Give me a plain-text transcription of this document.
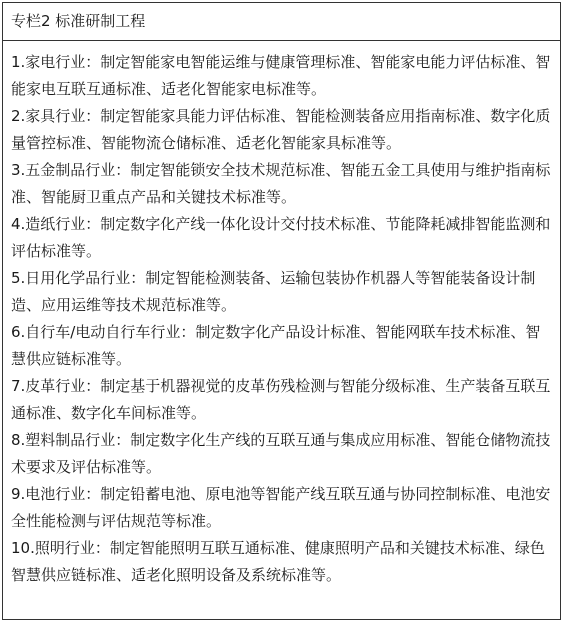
专栏2 标准研制工程

1.家电行业：制定智能家电智能运维与健康管理标准、智能家电能力评估标准、智能家电互联互通标准、适老化智能家电标准等。

2.家具行业：制定智能家具能力评估标准、智能检测装备应用指南标准、数字化质量管控标准、智能物流仓储标准、适老化智能家具标准等。

3.五金制品行业：制定智能锁安全技术规范标准、智能五金工具使用与维护指南标准、智能厨卫重点产品和关键技术标准等。

4.造纸行业：制定数字化产线一体化设计交付技术标准、节能降耗减排智能监测和评估标准等。

5.日用化学品行业：制定智能检测装备、运输包装协作机器人等智能装备设计制造、应用运维等技术规范标准等。

6.自行车/电动自行车行业：制定数字化产品设计标准、智能网联车技术标准、智慧供应链标准等。

7.皮革行业：制定基于机器视觉的皮革伤残检测与智能分级标准、生产装备互联互通标准、数字化车间标准等。

8.塑料制品行业：制定数字化生产线的互联互通与集成应用标准、智能仓储物流技术要求及评估标准等。

9.电池行业：制定铅蓄电池、原电池等智能产线互联互通与协同控制标准、电池安全性能检测与评估规范等标准。

10.照明行业：制定智能照明互联互通标准、健康照明产品和关键技术标准、绿色智慧供应链标准、适老化照明设备及系统标准等。
